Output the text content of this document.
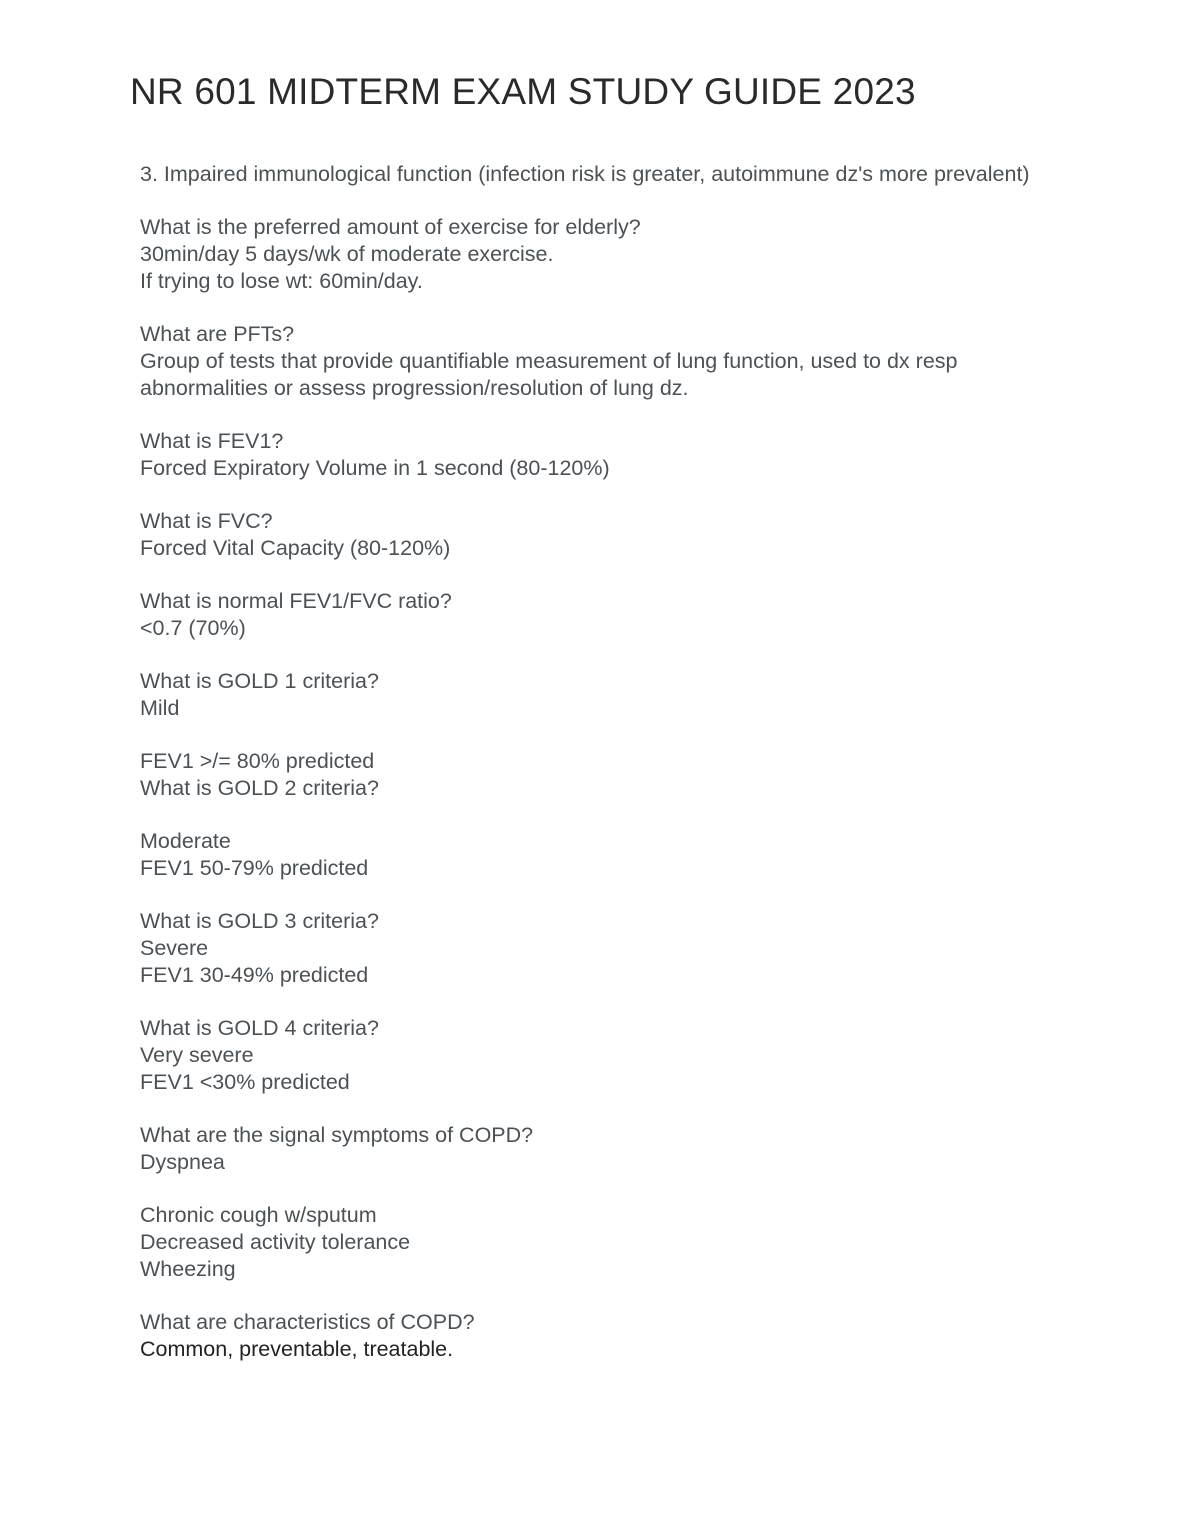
NR 601 MIDTERM EXAM STUDY GUIDE 2023

3. Impaired immunological function (infection risk is greater, autoimmune dz's more prevalent)

What is the preferred amount of exercise for elderly?
30min/day 5 days/wk of moderate exercise.
If trying to lose wt: 60min/day.

What are PFTs?
Group of tests that provide quantifiable measurement of lung function, used to dx resp abnormalities or assess progression/resolution of lung dz.

What is FEV1?
Forced Expiratory Volume in 1 second (80-120%)

What is FVC?
Forced Vital Capacity (80-120%)

What is normal FEV1/FVC ratio?
<0.7 (70%)

What is GOLD 1 criteria?
Mild

FEV1 >/= 80% predicted
What is GOLD 2 criteria?

Moderate
FEV1 50-79% predicted

What is GOLD 3 criteria?
Severe
FEV1 30-49% predicted

What is GOLD 4 criteria?
Very severe
FEV1 <30% predicted

What are the signal symptoms of COPD?
Dyspnea

Chronic cough w/sputum
Decreased activity tolerance
Wheezing

What are characteristics of COPD?
Common, preventable, treatable.
